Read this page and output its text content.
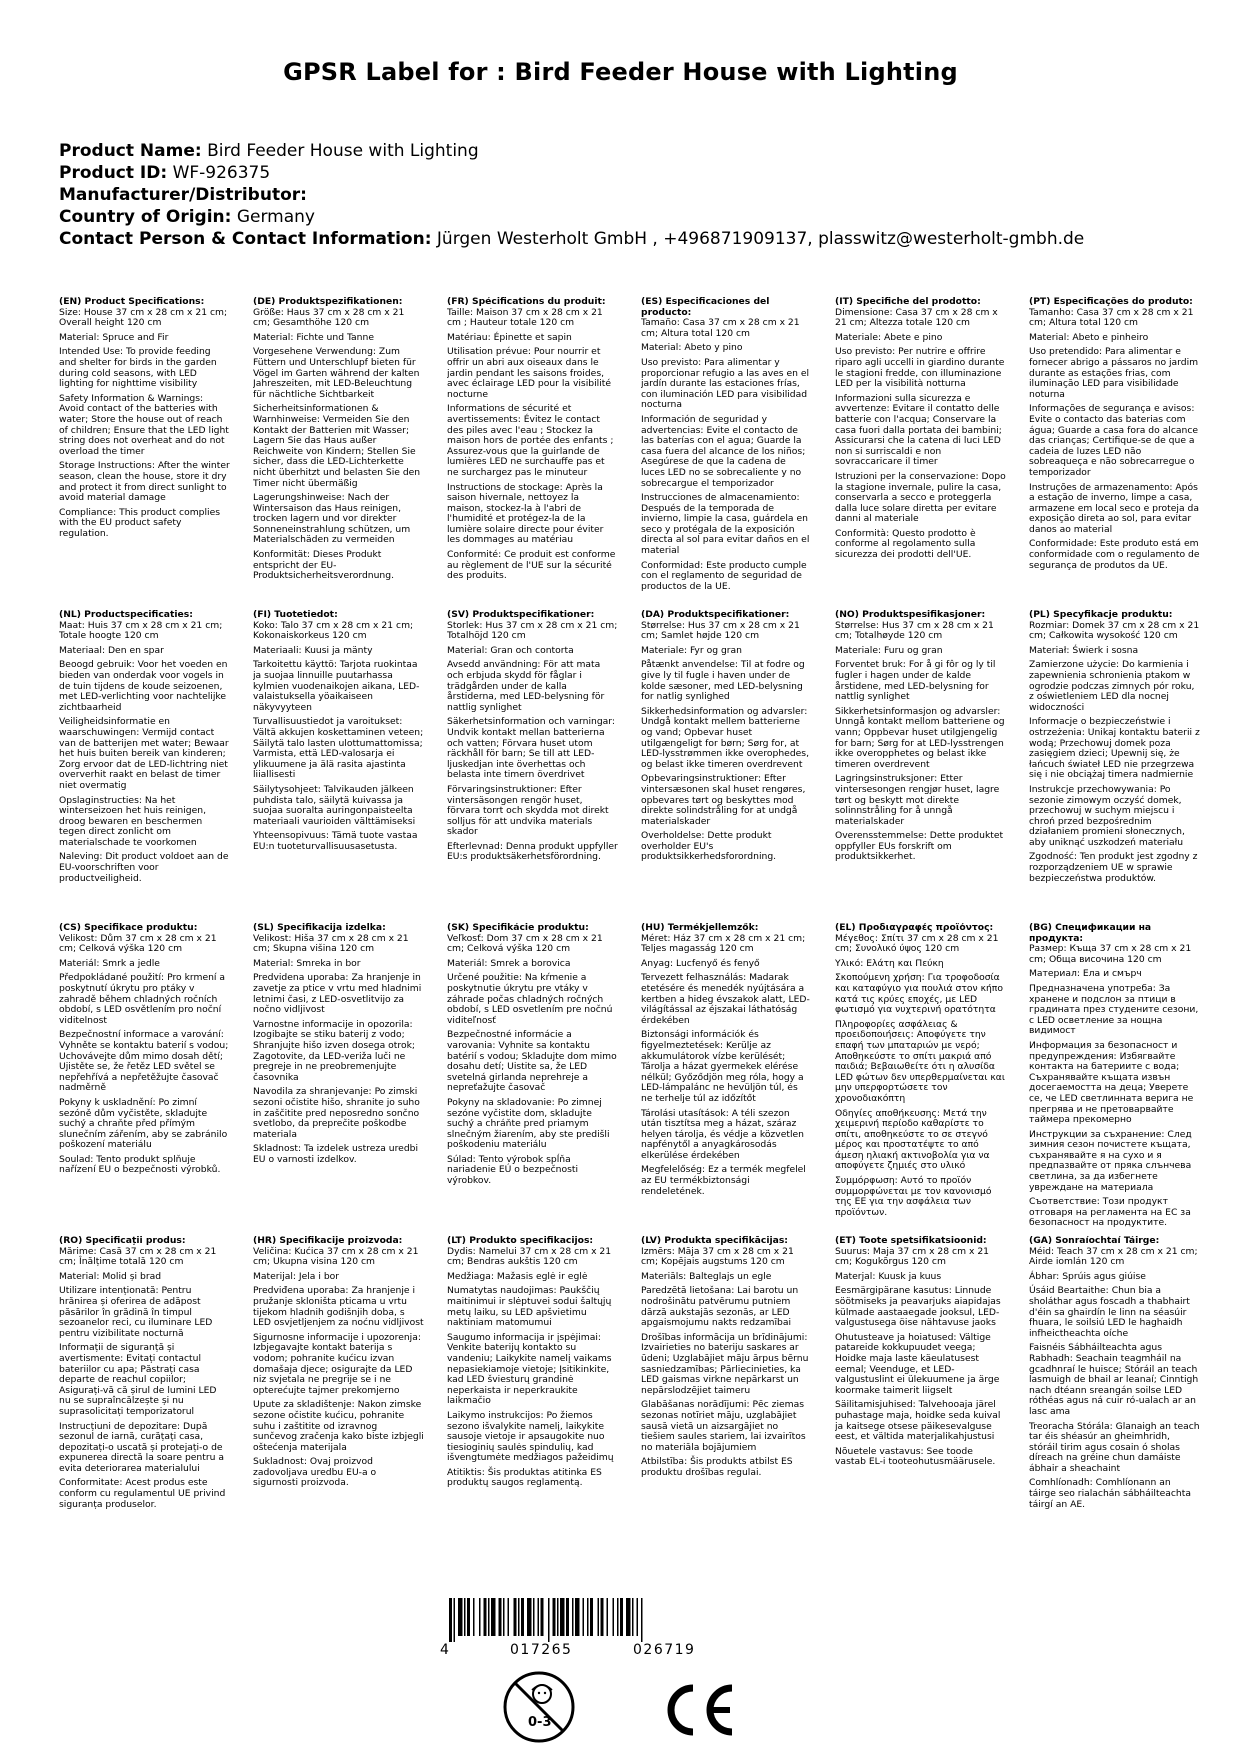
GPSR Label for : Bird Feeder House with Lighting
Product Name: Bird Feeder House with Lighting
Product ID: WF-926375
Manufacturer/Distributor:
Country of Origin: Germany
Contact Person & Contact Information: Jürgen Westerholt GmbH , +496871909137, plasswitz@westerholt-gmbh.de
(EN) Product Specifications:

Size: House 37 cm x 28 cm x 21 cm; Overall height 120 cm

Material: Spruce and Fir

Intended Use: To provide feeding and shelter for birds in the garden during cold seasons, with LED lighting for nighttime visibility

Safety Information & Warnings: Avoid contact of the batteries with water; Store the house out of reach of children; Ensure that the LED light string does not overheat and do not overload the timer

Storage Instructions: After the winter season, clean the house, store it dry and protect it from direct sunlight to avoid material damage

Compliance: This product complies with the EU product safety regulation.

(DE) Produktspezifikationen:

Größe: Haus 37 cm x 28 cm x 21 cm; Gesamthöhe 120 cm

Material: Fichte und Tanne

Vorgesehene Verwendung: Zum Füttern und Unterschlupf bieten für Vögel im Garten während der kalten Jahreszeiten, mit LED-Beleuchtung für nächtliche Sichtbarkeit

Sicherheitsinformationen & Warnhinweise: Vermeiden Sie den Kontakt der Batterien mit Wasser; Lagern Sie das Haus außer Reichweite von Kindern; Stellen Sie sicher, dass die LED-Lichterkette nicht überhitzt und belasten Sie den Timer nicht übermäßig

Lagerungshinweise: Nach der Wintersaison das Haus reinigen, trocken lagern und vor direkter Sonneneinstrahlung schützen, um Materialschäden zu vermeiden

Konformität: Dieses Produkt entspricht der EU-Produktsicherheitsverordnung.

(FR) Spécifications du produit:

Taille: Maison 37 cm x 28 cm x 21 cm ; Hauteur totale 120 cm

Matériau: Épinette et sapin

Utilisation prévue: Pour nourrir et offrir un abri aux oiseaux dans le jardin pendant les saisons froides, avec éclairage LED pour la visibilité nocturne

Informations de sécurité et avertissements: Évitez le contact des piles avec l'eau ; Stockez la maison hors de portée des enfants ; Assurez-vous que la guirlande de lumières LED ne surchauffe pas et ne surchargez pas le minuteur

Instructions de stockage: Après la saison hivernale, nettoyez la maison, stockez-la à l'abri de l'humidité et protégez-la de la lumière solaire directe pour éviter les dommages au matériau

Conformité: Ce produit est conforme au règlement de l'UE sur la sécurité des produits.

(ES) Especificaciones del producto:

Tamaño: Casa 37 cm x 28 cm x 21 cm; Altura total 120 cm

Material: Abeto y pino

Uso previsto: Para alimentar y proporcionar refugio a las aves en el jardín durante las estaciones frías, con iluminación LED para visibilidad nocturna

Información de seguridad y advertencias: Evite el contacto de las baterías con el agua; Guarde la casa fuera del alcance de los niños; Asegúrese de que la cadena de luces LED no se sobrecaliente y no sobrecargue el temporizador

Instrucciones de almacenamiento: Después de la temporada de invierno, limpie la casa, guárdela en seco y protégala de la exposición directa al sol para evitar daños en el material

Conformidad: Este producto cumple con el reglamento de seguridad de productos de la UE.

(IT) Specifiche del prodotto:

Dimensione: Casa 37 cm x 28 cm x 21 cm; Altezza totale 120 cm

Materiale: Abete e pino

Uso previsto: Per nutrire e offrire riparo agli uccelli in giardino durante le stagioni fredde, con illuminazione LED per la visibilità notturna

Informazioni sulla sicurezza e avvertenze: Evitare il contatto delle batterie con l'acqua; Conservare la casa fuori dalla portata dei bambini; Assicurarsi che la catena di luci LED non si surriscaldi e non sovraccaricare il timer

Istruzioni per la conservazione: Dopo la stagione invernale, pulire la casa, conservarla a secco e proteggerla dalla luce solare diretta per evitare danni al materiale

Conformità: Questo prodotto è conforme al regolamento sulla sicurezza dei prodotti dell'UE.

(PT) Especificações do produto:

Tamanho: Casa 37 cm x 28 cm x 21 cm; Altura total 120 cm

Material: Abeto e pinheiro

Uso pretendido: Para alimentar e fornecer abrigo a pássaros no jardim durante as estações frias, com iluminação LED para visibilidade noturna

Informações de segurança e avisos: Evite o contacto das baterias com água; Guarde a casa fora do alcance das crianças; Certifique-se de que a cadeia de luzes LED não sobreaqueça e não sobrecarregue o temporizador

Instruções de armazenamento: Após a estação de inverno, limpe a casa, armazene em local seco e proteja da exposição direta ao sol, para evitar danos ao material

Conformidade: Este produto está em conformidade com o regulamento de segurança de produtos da UE.

(NL) Productspecificaties:

Maat: Huis 37 cm x 28 cm x 21 cm; Totale hoogte 120 cm

Materiaal: Den en spar

Beoogd gebruik: Voor het voeden en bieden van onderdak voor vogels in de tuin tijdens de koude seizoenen, met LED-verlichting voor nachtelijke zichtbaarheid

Veiligheidsinformatie en waarschuwingen: Vermijd contact van de batterijen met water; Bewaar het huis buiten bereik van kinderen; Zorg ervoor dat de LED-lichtring niet oververhit raakt en belast de timer niet overmatig

Opslaginstructies: Na het winterseizoen het huis reinigen, droog bewaren en beschermen tegen direct zonlicht om materialschade te voorkomen

Naleving: Dit product voldoet aan de EU-voorschriften voor productveiligheid.

(FI) Tuotetiedot:

Koko: Talo 37 cm x 28 cm x 21 cm; Kokonaiskorkeus 120 cm

Materiaali: Kuusi ja mänty

Tarkoitettu käyttö: Tarjota ruokintaa ja suojaa linnuille puutarhassa kylmien vuodenaikojen aikana, LED-valaistuksella yöaikaiseen näkyvyyteen

Turvallisuustiedot ja varoitukset: Vältä akkujen koskettaminen veteen; Säilytä talo lasten ulottumattomissa; Varmista, että LED-valosarja ei ylikuumene ja älä rasita ajastinta liiallisesti

Säilytysohjeet: Talvikauden jälkeen puhdista talo, säilytä kuivassa ja suojaa suoralta auringonpaisteelta materiaali vaurioiden välttämiseksi

Yhteensopivuus: Tämä tuote vastaa EU:n tuoteturvallisuusasetusta.

(SV) Produktspecifikationer:

Storlek: Hus 37 cm x 28 cm x 21 cm; Totalhöjd 120 cm

Material: Gran och contorta

Avsedd användning: För att mata och erbjuda skydd för fåglar i trädgården under de kalla årstiderna, med LED-belysning för nattlig synlighet

Säkerhetsinformation och varningar: Undvik kontakt mellan batterierna och vatten; Förvara huset utom räckhåll för barn; Se till att LED-ljuskedjan inte överhettas och belasta inte timern överdrivet

Förvaringsinstruktioner: Efter vintersäsongen rengör huset, förvara torrt och skydda mot direkt solljus för att undvika materials skador

Efterlevnad: Denna produkt uppfyller EU:s produktsäkerhetsförordning.

(DA) Produktspecifikationer:

Størrelse: Hus 37 cm x 28 cm x 21 cm; Samlet højde 120 cm

Materiale: Fyr og gran

Påtænkt anvendelse: Til at fodre og give ly til fugle i haven under de kolde sæsoner, med LED-belysning for natlig synlighed

Sikkerhedsinformation og advarsler: Undgå kontakt mellem batterierne og vand; Opbevar huset utilgængeligt for børn; Sørg for, at LED-lysstrømmen ikke overophedes, og belast ikke timeren overdrevent

Opbevaringsinstruktioner: Efter vintersæsonen skal huset rengøres, opbevares tørt og beskyttes mod direkte solindstråling for at undgå materialskader

Overholdelse: Dette produkt overholder EU's produktsikkerhedsforordning.

(NO) Produktspesifikasjoner:

Størrelse: Hus 37 cm x 28 cm x 21 cm; Totalhøyde 120 cm

Materiale: Furu og gran

Forventet bruk: For å gi fôr og ly til fugler i hagen under de kalde årstidene, med LED-belysning for nattlig synlighet

Sikkerhetsinformasjon og advarsler: Unngå kontakt mellom batteriene og vann; Oppbevar huset utilgjengelig for barn; Sørg for at LED-lysstrengen ikke overopphetes og belast ikke timeren overdrevent

Lagringsinstruksjoner: Etter vintersesongen rengjør huset, lagre tørt og beskytt mot direkte solinnstråling for å unngå materialskader

Overensstemmelse: Dette produktet oppfyller EUs forskrift om produktsikkerhet.

(PL) Specyfikacje produktu:

Rozmiar: Domek 37 cm x 28 cm x 21 cm; Całkowita wysokość 120 cm

Materiał: Świerk i sosna

Zamierzone użycie: Do karmienia i zapewnienia schronienia ptakom w ogrodzie podczas zimnych pór roku, z oświetleniem LED dla nocnej widoczności

Informacje o bezpieczeństwie i ostrzeżenia: Unikaj kontaktu baterii z wodą; Przechowuj domek poza zasięgiem dzieci; Upewnij się, że łańcuch świateł LED nie przegrzewa się i nie obciążaj timera nadmiernie

Instrukcje przechowywania: Po sezonie zimowym oczyść domek, przechowuj w suchym miejscu i chroń przed bezpośrednim działaniem promieni słonecznych, aby uniknąć uszkodzeń materiału

Zgodność: Ten produkt jest zgodny z rozporządzeniem UE w sprawie bezpieczeństwa produktów.

(CS) Specifikace produktu:

Velikost: Dům 37 cm x 28 cm x 21 cm; Celková výška 120 cm

Materiál: Smrk a jedle

Předpokládané použití: Pro krmení a poskytnutí úkrytu pro ptáky v zahradě během chladných ročních období, s LED osvětlením pro noční viditelnost

Bezpečnostní informace a varování: Vyhněte se kontaktu baterií s vodou; Uchovávejte dům mimo dosah dětí; Ujistěte se, že řetěz LED světel se nepřehřívá a nepřetěžujte časovač nadměrně

Pokyny k uskladnění: Po zimní sezóně dům vyčistěte, skladujte suchý a chraňte před přímým slunečním zářením, aby se zabránilo poškození materiálu

Soulad: Tento produkt splňuje nařízení EU o bezpečnosti výrobků.

(SL) Specifikacija izdelka:

Velikost: Hiša 37 cm x 28 cm x 21 cm; Skupna višina 120 cm

Material: Smreka in bor

Predvidena uporaba: Za hranjenje in zavetje za ptice v vrtu med hladnimi letnimi časi, z LED-osvetlitvijo za nočno vidljivost

Varnostne informacije in opozorila: Izogibajte se stiku baterij z vodo; Shranjujte hišo izven dosega otrok; Zagotovite, da LED-veriža luči ne pregreje in ne preobremenjujte časovnika

Navodila za shranjevanje: Po zimski sezoni očistite hišo, shranite jo suho in zaščitite pred neposredno sončno svetlobo, da preprečite poškodbe materiala

Skladnost: Ta izdelek ustreza uredbi EU o varnosti izdelkov.

(SK) Špecifikácie produktu:

Veľkosť: Dom 37 cm x 28 cm x 21 cm; Celková výška 120 cm

Materiál: Smrek a borovica

Určené použitie: Na kŕmenie a poskytnutie úkrytu pre vtáky v záhrade počas chladných ročných období, s LED osvetlením pre nočnú viditeľnosť

Bezpečnostné informácie a varovania: Vyhnite sa kontaktu batérií s vodou; Skladujte dom mimo dosahu detí; Uistite sa, že LED svetelná girlanda neprehreje a nepreťažujte časovač

Pokyny na skladovanie: Po zimnej sezóne vyčistite dom, skladujte suchý a chráňte pred priamym slnečným žiarením, aby ste predišli poškodeniu materiálu

Súlad: Tento výrobok spĺňa nariadenie EÚ o bezpečnosti výrobkov.

(HU) Termékjellemzők:

Méret: Ház 37 cm x 28 cm x 21 cm; Teljes magasság 120 cm

Anyag: Lucfenyő és fenyő

Tervezett felhasználás: Madarak etetésére és menedék nyújtására a kertben a hideg évszakok alatt, LED-világítással az éjszakai láthatóság érdekében

Biztonsági információk és figyelmeztetések: Kerülje az akkumulátorok vízbe kerülését; Tárolja a házat gyermekek elérése nélkül; Győződjön meg róla, hogy a LED-lámpalánc ne hevüljön túl, és ne terhelje túl az időzítőt

Tárolási utasítások: A téli szezon után tisztítsa meg a házat, száraz helyen tárolja, és védje a közvetlen napfénytől a anyagkárosodás elkerülése érdekében

Megfelelőség: Ez a termék megfelel az EU termékbiztonsági rendeletének.

(EL) Προδιαγραφές προϊόντος:

Μέγεθος: Σπίτι 37 cm x 28 cm x 21 cm; Συνολικό ύψος 120 cm

Υλικό: Ελάτη και Πεύκη

Σκοπούμενη χρήση: Για τροφοδοσία και καταφύγιο για πουλιά στον κήπο κατά τις κρύες εποχές, με LED φωτισμό για νυχτερινή ορατότητα

Πληροφορίες ασφάλειας & προειδοποιήσεις: Αποφύγετε την επαφή των μπαταριών με νερό; Αποθηκεύστε το σπίτι μακριά από παιδιά; Βεβαιωθείτε ότι η αλυσίδα LED φώτων δεν υπερθερμαίνεται και μην υπερφορτώσετε τον χρονοδιακόπτη

Οδηγίες αποθήκευσης: Μετά την χειμερινή περίοδο καθαρίστε το σπίτι, αποθηκεύστε το σε στεγνό μέρος και προστατέψτε το από άμεση ηλιακή ακτινοβολία για να αποφύγετε ζημιές στο υλικό

Συμμόρφωση: Αυτό το προϊόν συμμορφώνεται με τον κανονισμό της ΕΕ για την ασφάλεια των προϊόντων.

(BG) Спецификации на продукта:

Размер: Къща 37 cm x 28 cm x 21 cm; Обща височина 120 cm

Материал: Ела и смърч

Предназначена употреба: За хранене и подслон за птици в градината през студените сезони, с LED осветление за нощна видимост

Информация за безопасност и предупреждения: Избягвайте контакта на батериите с вода; Съхранявайте къщата извън досегаемостта на деца; Уверете се, че LED светлинната верига не прегрява и не претоварвайте таймера прекомерно

Инструкции за съхранение: След зимния сезон почистете къщата, съхранявайте я на сухо и я предпазвайте от пряка слънчева светлина, за да избегнете увреждане на материала

Съответствие: Този продукт отговаря на регламента на ЕС за безопасност на продуктите.

(RO) Specificații produs:

Mărime: Casă 37 cm x 28 cm x 21 cm; Înălțime totală 120 cm

Material: Molid și brad

Utilizare intenționată: Pentru hrănirea și oferirea de adăpost păsărilor în grădină în timpul sezoanelor reci, cu iluminare LED pentru vizibilitate nocturnă

Informații de siguranță și avertismente: Evitați contactul bateriilor cu apa; Păstrați casa departe de reachul copiilor; Asigurați-vă că șirul de lumini LED nu se supraîncălzește și nu suprasolicitați temporizatorul

Instrucțiuni de depozitare: După sezonul de iarnă, curățați casa, depozitați-o uscată și protejați-o de expunerea directă la soare pentru a evita deteriorarea materialului

Conformitate: Acest produs este conform cu regulamentul UE privind siguranța produselor.

(HR) Specifikacije proizvoda:

Veličina: Kućica 37 cm x 28 cm x 21 cm; Ukupna visina 120 cm

Materijal: Jela i bor

Predviđena uporaba: Za hranjenje i pružanje skloništa pticama u vrtu tijekom hladnih godišnjih doba, s LED osvjetljenjem za noćnu vidljivost

Sigurnosne informacije i upozorenja: Izbjegavajte kontakt baterija s vodom; pohranite kućicu izvan domašaja djece; osigurajte da LED niz svjetala ne pregrije se i ne opterećujte tajmer prekomjerno

Upute za skladištenje: Nakon zimske sezone očistite kućicu, pohranite suhu i zaštitite od izravnog sunčevog zračenja kako biste izbjegli oštećenja materijala

Sukladnost: Ovaj proizvod zadovoljava uredbu EU-a o sigurnosti proizvoda.

(LT) Produkto specifikacijos:

Dydis: Namelui 37 cm x 28 cm x 21 cm; Bendras aukštis 120 cm

Medžiaga: Mažasis eglė ir eglė

Numatytas naudojimas: Paukščių maitinimui ir slėptuvei sodui šaltųjų metų laiku, su LED apšvietimu naktiniam matomumui

Saugumo informacija ir įspėjimai: Venkite baterijų kontakto su vandeniu; Laikykite namelį vaikams nepasiekiamoje vietoje; Įsitikinkite, kad LED šviesturų grandinė neperkaista ir neperkraukite laikmačio

Laikymo instrukcijos: Po žiemos sezono išvalykite namelį, laikykite sausoje vietoje ir apsaugokite nuo tiesioginių saulės spindulių, kad išvengtumėte medžiagos pažeidimų

Atitiktis: Šis produktas atitinka ES produktų saugos reglamentą.

(LV) Produkta specifikācijas:

Izmērs: Māja 37 cm x 28 cm x 21 cm; Kopējais augstums 120 cm

Materiāls: Balteglajs un egle

Paredzētā lietošana: Lai barotu un nodrošinātu patvērumu putniem dārzā aukstajās sezonās, ar LED apgaismojumu nakts redzamībai

Drošības informācija un brīdinājumi: Izvairieties no bateriju saskares ar ūdeni; Uzglabājiet māju ārpus bērnu sasniedzamības; Pārliecinieties, ka LED gaismas virkne nepārkarst un nepārslodzējiet taimeru

Glabāšanas norādījumi: Pēc ziemas sezonas notīriet māju, uzglabājiet sausā vietā un aizsargājiet no tiešiem saules stariem, lai izvairītos no materiāla bojājumiem

Atbilstība: Šis produkts atbilst ES produktu drošības regulai.

(ET) Toote spetsifikatsioonid:

Suurus: Maja 37 cm x 28 cm x 21 cm; Kogukõrgus 120 cm

Materjal: Kuusk ja kuus

Eesmärgipärane kasutus: Linnude söötmiseks ja peavarjuks aiapidajas külmade aastaaegade jooksul, LED-valgustusega öise nähtavuse jaoks

Ohutusteave ja hoiatused: Vältige patareide kokkupuudet veega; Hoidke maja laste käeulatusest eemal; Veenduge, et LED-valgustuslint ei ülekuumene ja ärge koormake taimerit liigselt

Säilitamisjuhised: Talvehooaja järel puhastage maja, hoidke seda kuival ja kaitsege otsese päikesevalguse eest, et vältida materjalikahjustusi

Nõuetele vastavus: See toode vastab EL-i tooteohutusmäärusele.

(GA) Sonraíochtaí Táirge:

Méid: Teach 37 cm x 28 cm x 21 cm; Airde iomlán 120 cm

Ábhar: Sprúis agus giúise

Úsáid Beartaithe: Chun bia a sholáthar agus foscadh a thabhairt d'éin sa ghairdín le linn na séasúir fhuara, le soilsiú LED le haghaidh infheictheachta oíche

Faisnéis Sábháilteachta agus Rabhadh: Seachain teagmháil na gcadhnraí le huisce; Stóráil an teach lasmuigh de bhail ar leanaí; Cinntigh nach dtéann sreangán soilse LED róthéas agus ná cuir ró-ualach ar an lasc ama

Treoracha Stórála: Glanaigh an teach tar éis shéasúr an gheimhridh, stóráil tirim agus cosain ó sholas díreach na gréine chun damáiste ábhair a sheachaint

Comhlíonadh: Comhlíonann an táirge seo rialachán sábháilteachta táirgí an AE.

4	017265	026719
0-3
